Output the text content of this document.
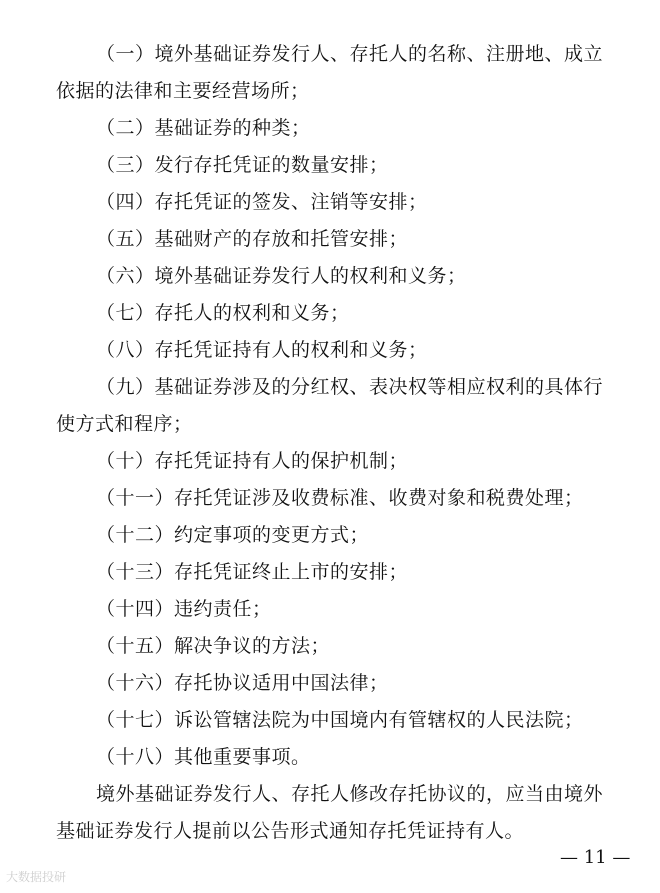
（一）境外基础证券发行人、存托人的名称、注册地、成立
依据的法律和主要经营场所；
（二）基础证券的种类；
（三）发行存托凭证的数量安排；
（四）存托凭证的签发、注销等安排；
（五）基础财产的存放和托管安排；
（六）境外基础证券发行人的权利和义务；
（七）存托人的权利和义务；
（八）存托凭证持有人的权利和义务；
（九）基础证券涉及的分红权、表决权等相应权利的具体行
使方式和程序；
（十）存托凭证持有人的保护机制；
（十一）存托凭证涉及收费标准、收费对象和税费处理；
（十二）约定事项的变更方式；
（十三）存托凭证终止上市的安排；
（十四）违约责任；
（十五）解决争议的方法；
（十六）存托协议适用中国法律；
（十七）诉讼管辖法院为中国境内有管辖权的人民法院；
（十八）其他重要事项。
境外基础证券发行人、存托人修改存托协议的，应当由境外
基础证券发行人提前以公告形式通知存托凭证持有人。
— 11 —
大数据投研
